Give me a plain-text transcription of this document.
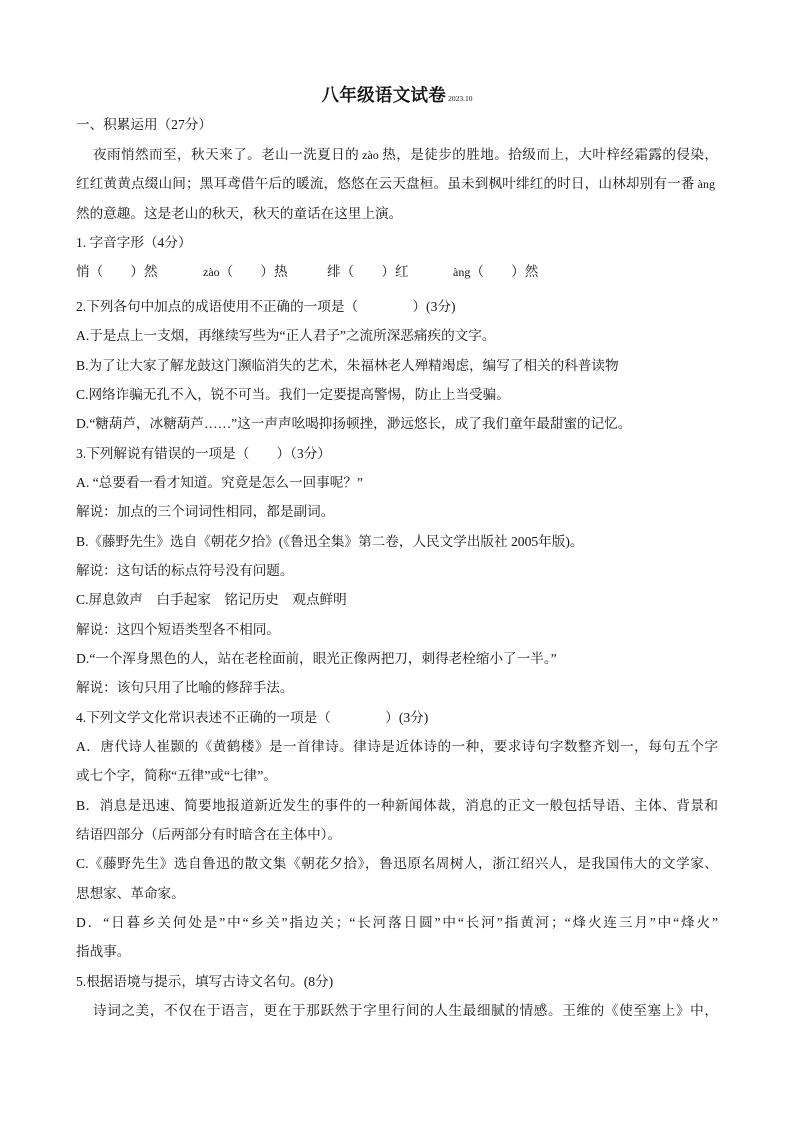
八年级语文试卷 2023.10
一、积累运用（27分）
夜雨悄然而至，秋天来了。老山一洗夏日的 zào 热，是徒步的胜地。拾级而上，大叶梓经霜露的侵染，
红红黄黄点缀山间；黑耳鸢借午后的暖流，悠悠在云天盘桓。虽未到枫叶绯红的时日，山林却别有一番 àng
然的意趣。这是老山的秋天，秋天的童话在这里上演。
1. 字音字形（4分）
悄（　　）然	zào（　　）热	绯（　　）红	àng（　　）然
2.下列各句中加点的成语使用不正确的一项是（　　　　）(3分)
A.于是点上一支烟，再继续写些为“正人君子”之流所深恶痛疾的文字。
B.为了让大家了解龙鼓这门濒临消失的艺术，朱福林老人殚精竭虑，编写了相关的科普读物
C.网络诈骗无孔不入，锐不可当。我们一定要提高警惕，防止上当受骗。
D.“糖葫芦，冰糖葫芦……”这一声声吆喝抑扬顿挫，渺远悠长，成了我们童年最甜蜜的记忆。
3.下列解说有错误的一项是（　　）（3分）
A. “总要看一看才知道。究竟是怎么一回事呢？”
解说：加点的三个词词性相同，都是副词。
B.《藤野先生》选自《朝花夕拾》(《鲁迅全集》第二卷，人民文学出版社 2005年版)。
解说：这句话的标点符号没有问题。
C.屏息敛声　白手起家　铭记历史　观点鲜明
解说：这四个短语类型各不相同。
D.“一个浑身黑色的人，站在老栓面前，眼光正像两把刀，刺得老栓缩小了一半。”
解说：该句只用了比喻的修辞手法。
4.下列文学文化常识表述不正确的一项是（　　　　）(3分)
A．唐代诗人崔颢的《黄鹤楼》是一首律诗。律诗是近体诗的一种，要求诗句字数整齐划一，每句五个字
或七个字，简称“五律”或“七律”。
B．消息是迅速、简要地报道新近发生的事件的一种新闻体裁，消息的正文一般包括导语、主体、背景和
结语四部分（后两部分有时暗含在主体中）。
C.《藤野先生》选自鲁迅的散文集《朝花夕拾》，鲁迅原名周树人，浙江绍兴人，是我国伟大的文学家、
思想家、革命家。
D．“日暮乡关何处是”中“乡关”指边关；“长河落日圆”中“长河”指黄河；“烽火连三月”中“烽火”
指战事。
5.根据语境与提示，填写古诗文名句。(8分)
诗词之美，不仅在于语言，更在于那跃然于字里行间的人生最细腻的情感。王维的《使至塞上》中，
